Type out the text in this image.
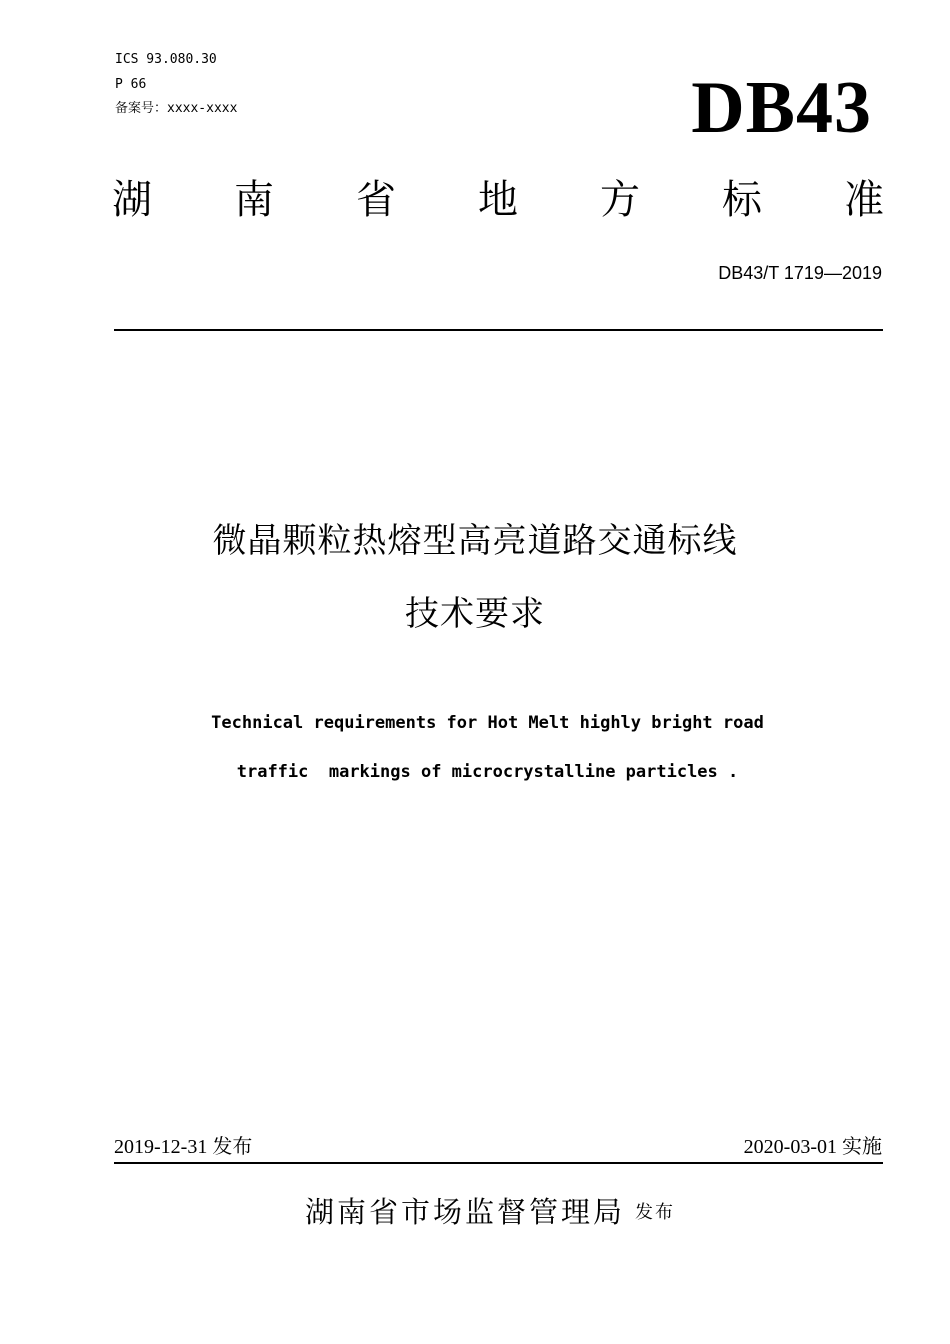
ICS 93.080.30
P 66
备案号：xxxx-xxxx	DB43
湖 南 省 地 方 标 准
DB43/T 1719—2019
微晶颗粒热熔型高亮道路交通标线
技术要求
Technical requirements for Hot Melt highly bright road
traffic  markings of microcrystalline particles .
2019-12-31 发布	2020-03-01 实施
湖南省市场监督管理局 发布
